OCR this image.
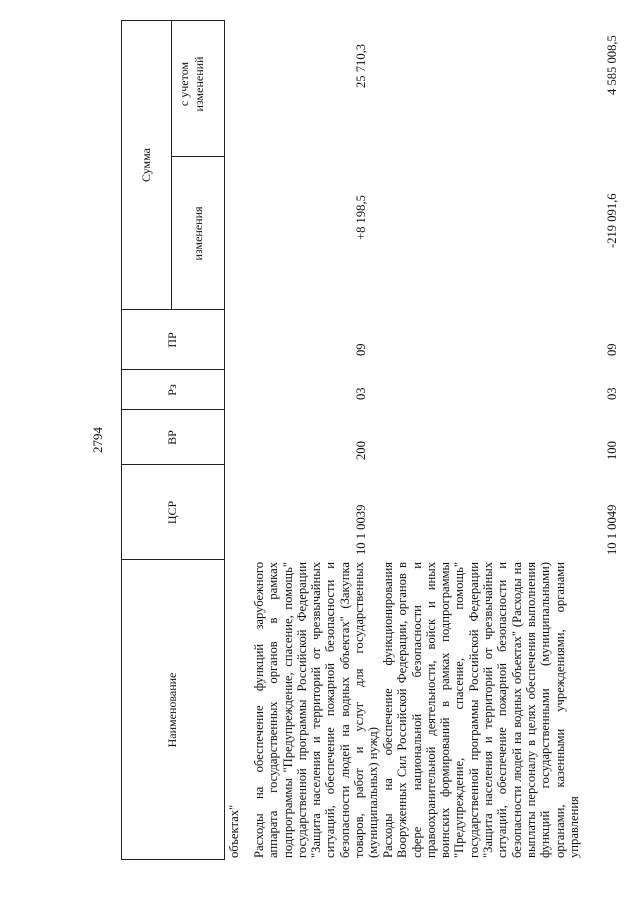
2794
Наименование
ЦСР
ВР
Рз
ПР
Сумма
изменения
с учетом изменений
объектах" Расходы на обеспечение функций зарубежного аппарата государственных органов в рамках подпрограммы "Предупреждение, спасение, помощь" государственной программы Российской Федерации "Защита населения и территорий от чрезвычайных ситуаций, обеспечение пожарной безопасности и безопасности людей на водных объектах" (Закупка товаров, работ и услуг для государственных (муниципальных) нужд)
10 1 0039
200
03
09
+8 198,5
25 710,3
Расходы на обеспечение функционирования Вооруженных Сил Российской Федерации, органов в сфере национальной безопасности и правоохранительной деятельности, войск и иных воинских формирований в рамках подпрограммы "Предупреждение, спасение, помощь" государственной программы Российской Федерации "Защита населения и территорий от чрезвычайных ситуаций, обеспечение пожарной безопасности и безопасности людей на водных объектах" (Расходы на выплаты персоналу в целях обеспечения выполнения функций государственными (муниципальными) органами, казенными учреждениями, органами управления
10 1 0049
100
03
09
-219 091,6
4 585 008,5
